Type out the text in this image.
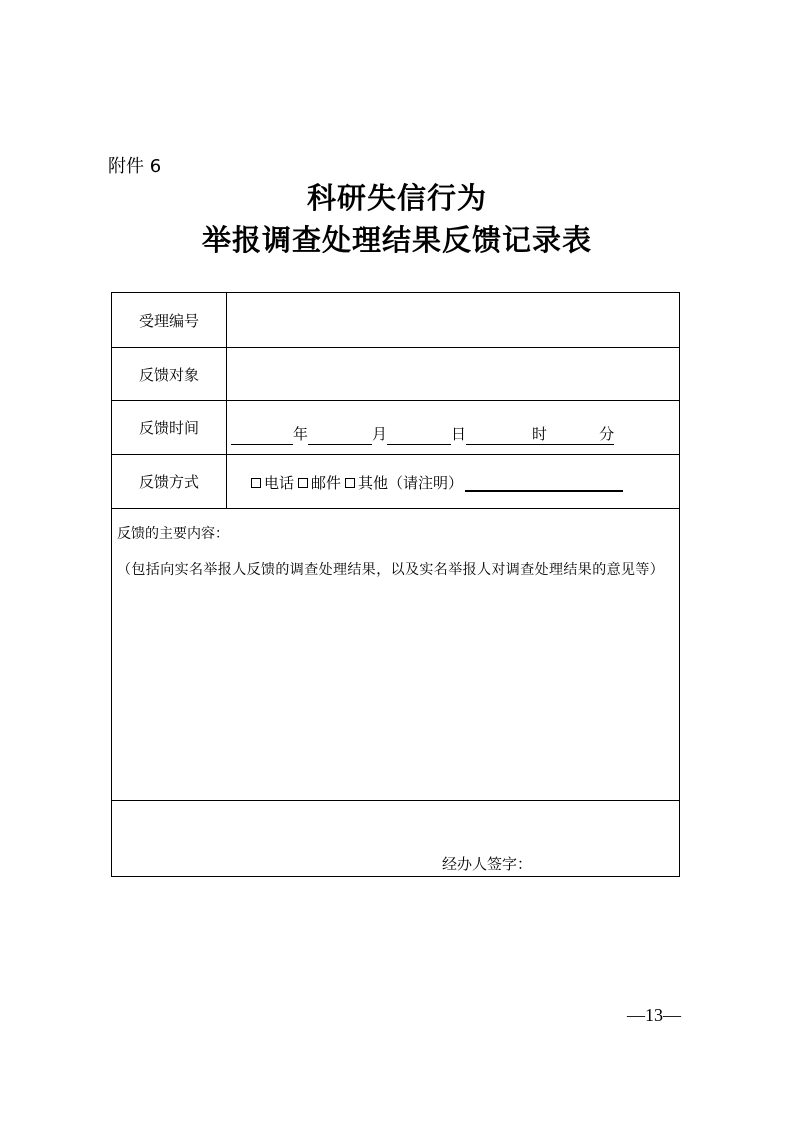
附件 6
科研失信行为
举报调查处理结果反馈记录表
受理编号
反馈对象
反馈时间	年	月	日	时	分
反馈方式	电话 邮件 其他（请注明）
反馈的主要内容：
（包括向实名举报人反馈的调查处理结果，以及实名举报人对调查处理结果的意见等）
经办人签字：
—13—
